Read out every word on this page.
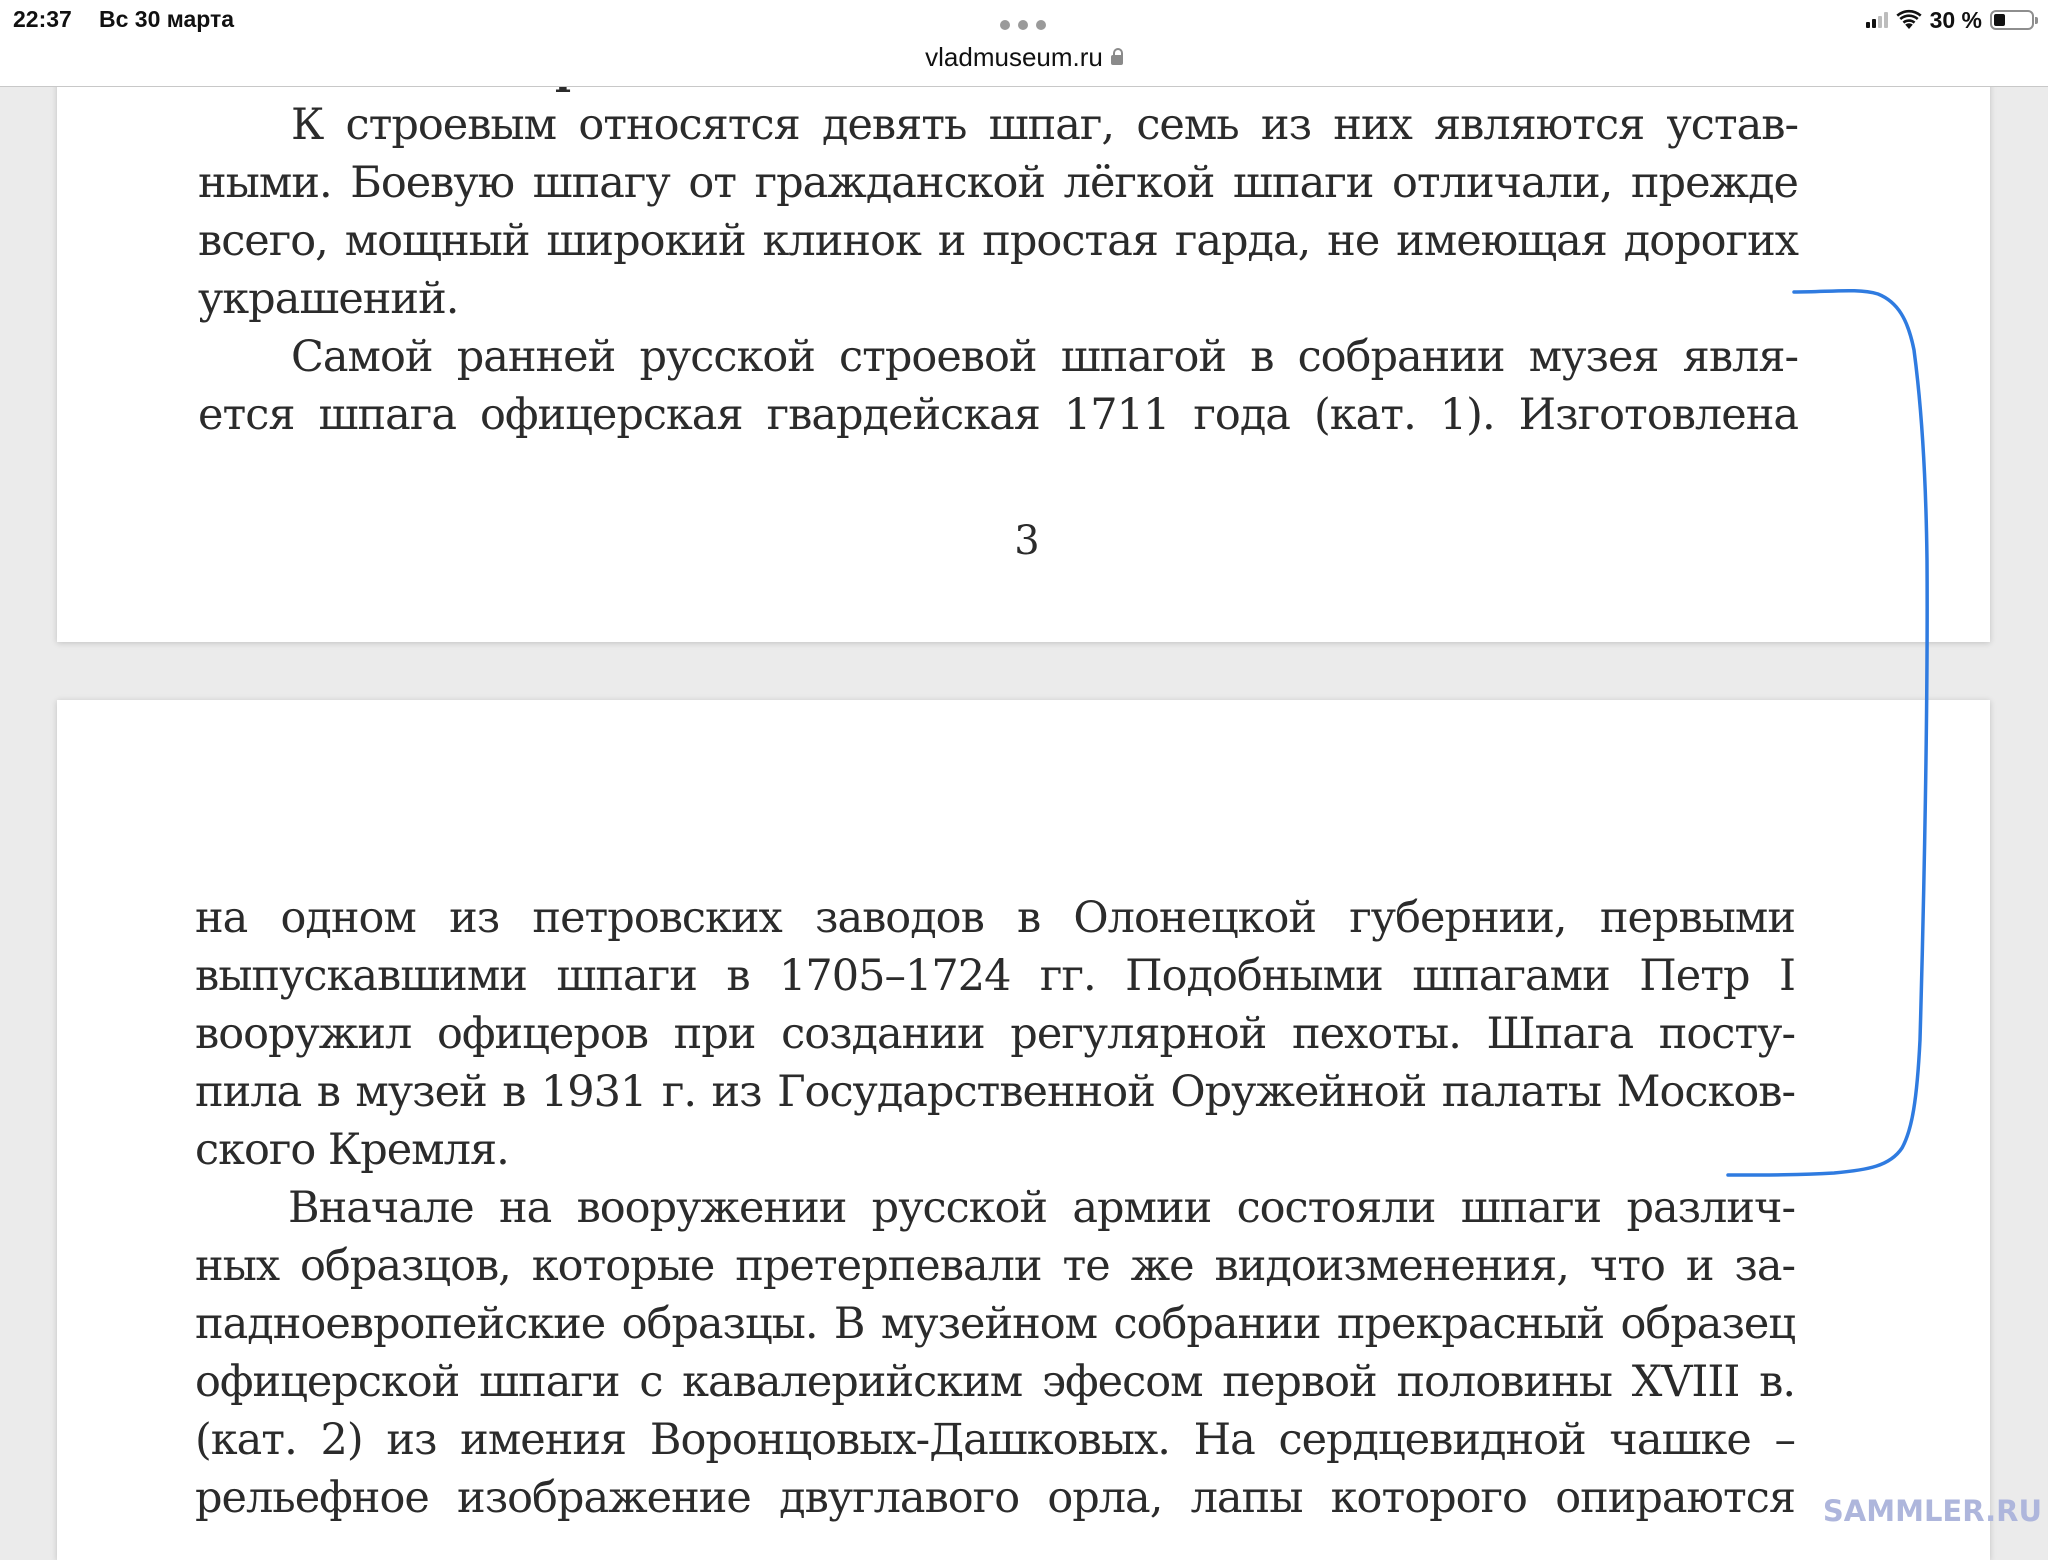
22:37 Вс 30 марта
vladmuseum.ru
30 %
К строевым относятся девять шпаг, семь из них являются устав-
ными. Боевую шпагу от гражданской лёгкой шпаги отличали, прежде
всего, мощный широкий клинок и простая гарда, не имеющая дорогих
украшений.
Самой ранней русской строевой шпагой в собрании музея явля-
ется шпага офицерская гвардейская 1711 года (кат. 1). Изготовлена
3
на одном из петровских заводов в Олонецкой губернии, первыми
выпускавшими шпаги в 1705–1724 гг. Подобными шпагами Петр I
вооружил офицеров при создании регулярной пехоты. Шпага посту-
пила в музей в 1931 г. из Государственной Оружейной палаты Москов-
ского Кремля.
Вначале на вооружении русской армии состояли шпаги различ-
ных образцов, которые претерпевали те же видоизменения, что и за-
падноевропейские образцы. В музейном собрании прекрасный образец
офицерской шпаги с кавалерийским эфесом первой половины XVIII в.
(кат. 2) из имения Воронцовых-Дашковых. На сердцевидной чашке –
рельефное изображение двуглавого орла, лапы которого опираются SAMMLER.RU
